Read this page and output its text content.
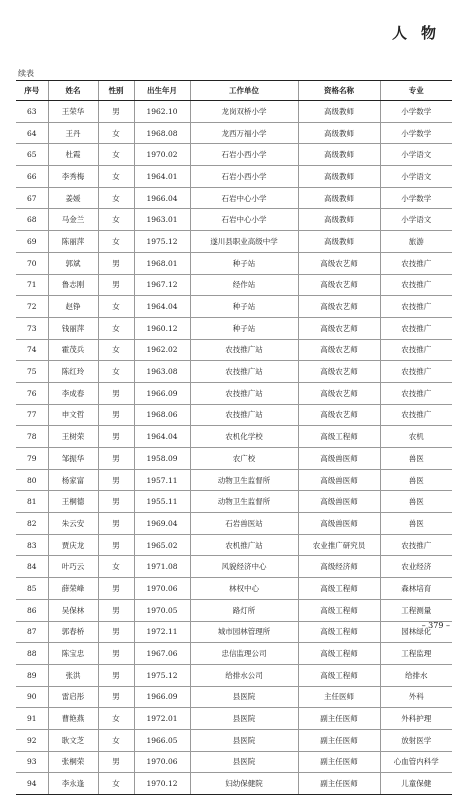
人物
续表
序号	姓名	性别	出生年月	工作单位	资格名称	专业
63	王荣华	男	1962.10	龙岗双桥小学	高级教师	小学数学
64	王丹	女	1968.08	龙西万福小学	高级教师	小学数学
65	杜霞	女	1970.02	石岩小西小学	高级教师	小学语文
66	李秀梅	女	1964.01	石岩小西小学	高级教师	小学语文
67	姜媛	女	1966.04	石岩中心小学	高级教师	小学数学
68	马金兰	女	1963.01	石岩中心小学	高级教师	小学语文
69	陈丽萍	女	1975.12	遂川县职业高级中学	高级教师	旅游
70	郭斌	男	1968.01	种子站	高级农艺师	农技推广
71	鲁志刚	男	1967.12	经作站	高级农艺师	农技推广
72	赵铮	女	1964.04	种子站	高级农艺师	农技推广
73	钱丽萍	女	1960.12	种子站	高级农艺师	农技推广
74	霍茂兵	女	1962.02	农技推广站	高级农艺师	农技推广
75	陈红玲	女	1963.08	农技推广站	高级农艺师	农技推广
76	李成春	男	1966.09	农技推广站	高级农艺师	农技推广
77	申文哲	男	1968.06	农技推广站	高级农艺师	农技推广
78	王树荣	男	1964.04	农机化学校	高级工程师	农机
79	邹振华	男	1958.09	农广校	高级兽医师	兽医
80	杨家富	男	1957.11	动物卫生监督所	高级兽医师	兽医
81	王桐德	男	1955.11	动物卫生监督所	高级兽医师	兽医
82	朱云安	男	1969.04	石岩兽医站	高级兽医师	兽医
83	贾庆龙	男	1965.02	农机推广站	农业推广研究员	农技推广
84	叶巧云	女	1971.08	风貌经济中心	高级经济师	农业经济
85	薛荣峰	男	1970.06	林权中心	高级工程师	森林培育
86	吴保林	男	1970.05	路灯所	高级工程师	工程测量
87	郭春桥	男	1972.11	城市园林管理所	高级工程师	园林绿化
88	陈宝忠	男	1967.06	忠信监理公司	高级工程师	工程监理
89	张洪	男	1975.12	给排水公司	高级工程师	给排水
90	雷启彤	男	1966.09	县医院	主任医师	外科
91	曹艳燕	女	1972.01	县医院	副主任医师	外科护理
92	耿文芝	女	1966.05	县医院	副主任医师	放射医学
93	张桐荣	男	1970.06	县医院	副主任医师	心血管内科学
94	李永逢	女	1970.12	妇幼保健院	副主任医师	儿童保健
– 379 –
